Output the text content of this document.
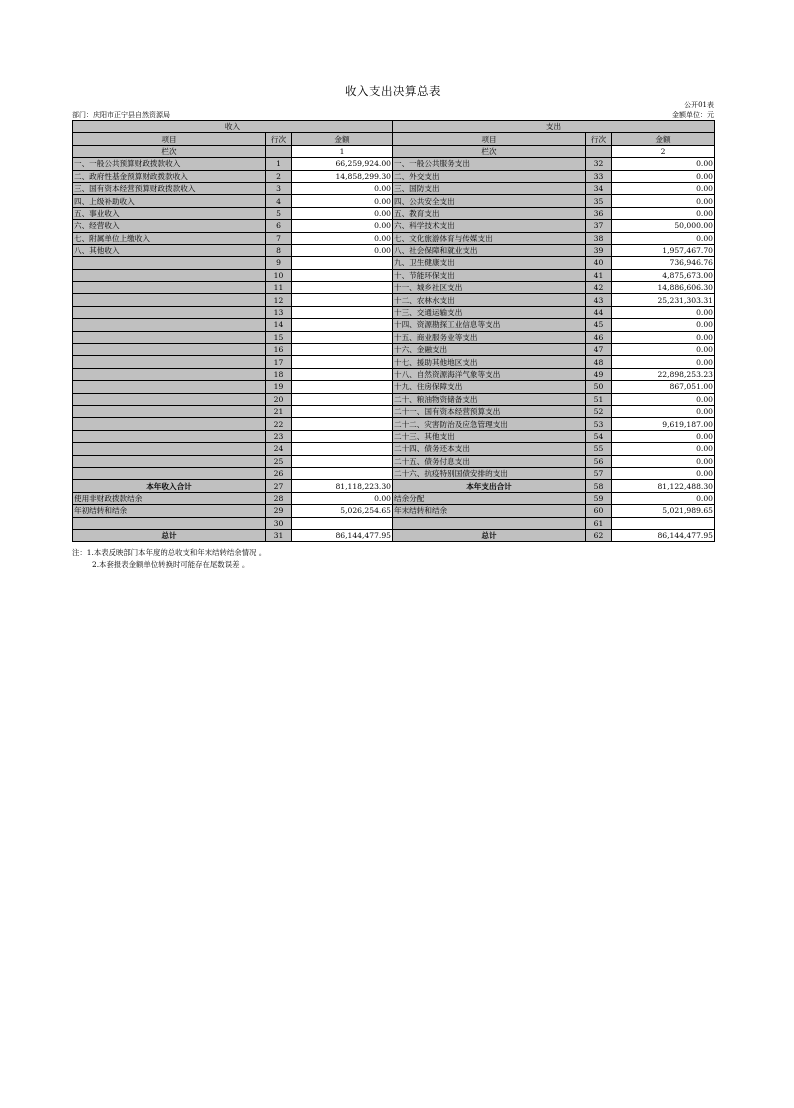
收入支出决算总表
公开01表
部门：庆阳市正宁县自然资源局	金额单位：元
收入			支出		
项目	行次	金额	项目	行次	金额
栏次		1	栏次		2
一、一般公共预算财政拨款收入	1	66,259,924.00	一、一般公共服务支出	32	0.00
二、政府性基金预算财政拨款收入	2	14,858,299.30	二、外交支出	33	0.00
三、国有资本经营预算财政拨款收入	3	0.00	三、国防支出	34	0.00
四、上级补助收入	4	0.00	四、公共安全支出	35	0.00
五、事业收入	5	0.00	五、教育支出	36	0.00
六、经营收入	6	0.00	六、科学技术支出	37	50,000.00
七、附属单位上缴收入	7	0.00	七、文化旅游体育与传媒支出	38	0.00
八、其他收入	8	0.00	八、社会保障和就业支出	39	1,957,467.70
	9		九、卫生健康支出	40	736,946.76
	10		十、节能环保支出	41	4,875,673.00
	11		十一、城乡社区支出	42	14,886,606.30
	12		十二、农林水支出	43	25,231,303.31
	13		十三、交通运输支出	44	0.00
	14		十四、资源勘探工业信息等支出	45	0.00
	15		十五、商业服务业等支出	46	0.00
	16		十六、金融支出	47	0.00
	17		十七、援助其他地区支出	48	0.00
	18		十八、自然资源海洋气象等支出	49	22,898,253.23
	19		十九、住房保障支出	50	867,051.00
	20		二十、粮油物资储备支出	51	0.00
	21		二十一、国有资本经营预算支出	52	0.00
	22		二十二、灾害防治及应急管理支出	53	9,619,187.00
	23		二十三、其他支出	54	0.00
	24		二十四、债务还本支出	55	0.00
	25		二十五、债务付息支出	56	0.00
	26		二十六、抗疫特别国债安排的支出	57	0.00
本年收入合计	27	81,118,223.30	本年支出合计	58	81,122,488.30
使用非财政拨款结余	28	0.00	结余分配	59	0.00
年初结转和结余	29	5,026,254.65	年末结转和结余	60	5,021,989.65
	30			61	
总计	31	86,144,477.95	总计	62	86,144,477.95
注：1.本表反映部门本年度的总收支和年末结转结余情况 。
2.本套报表金额单位转换时可能存在尾数误差 。
